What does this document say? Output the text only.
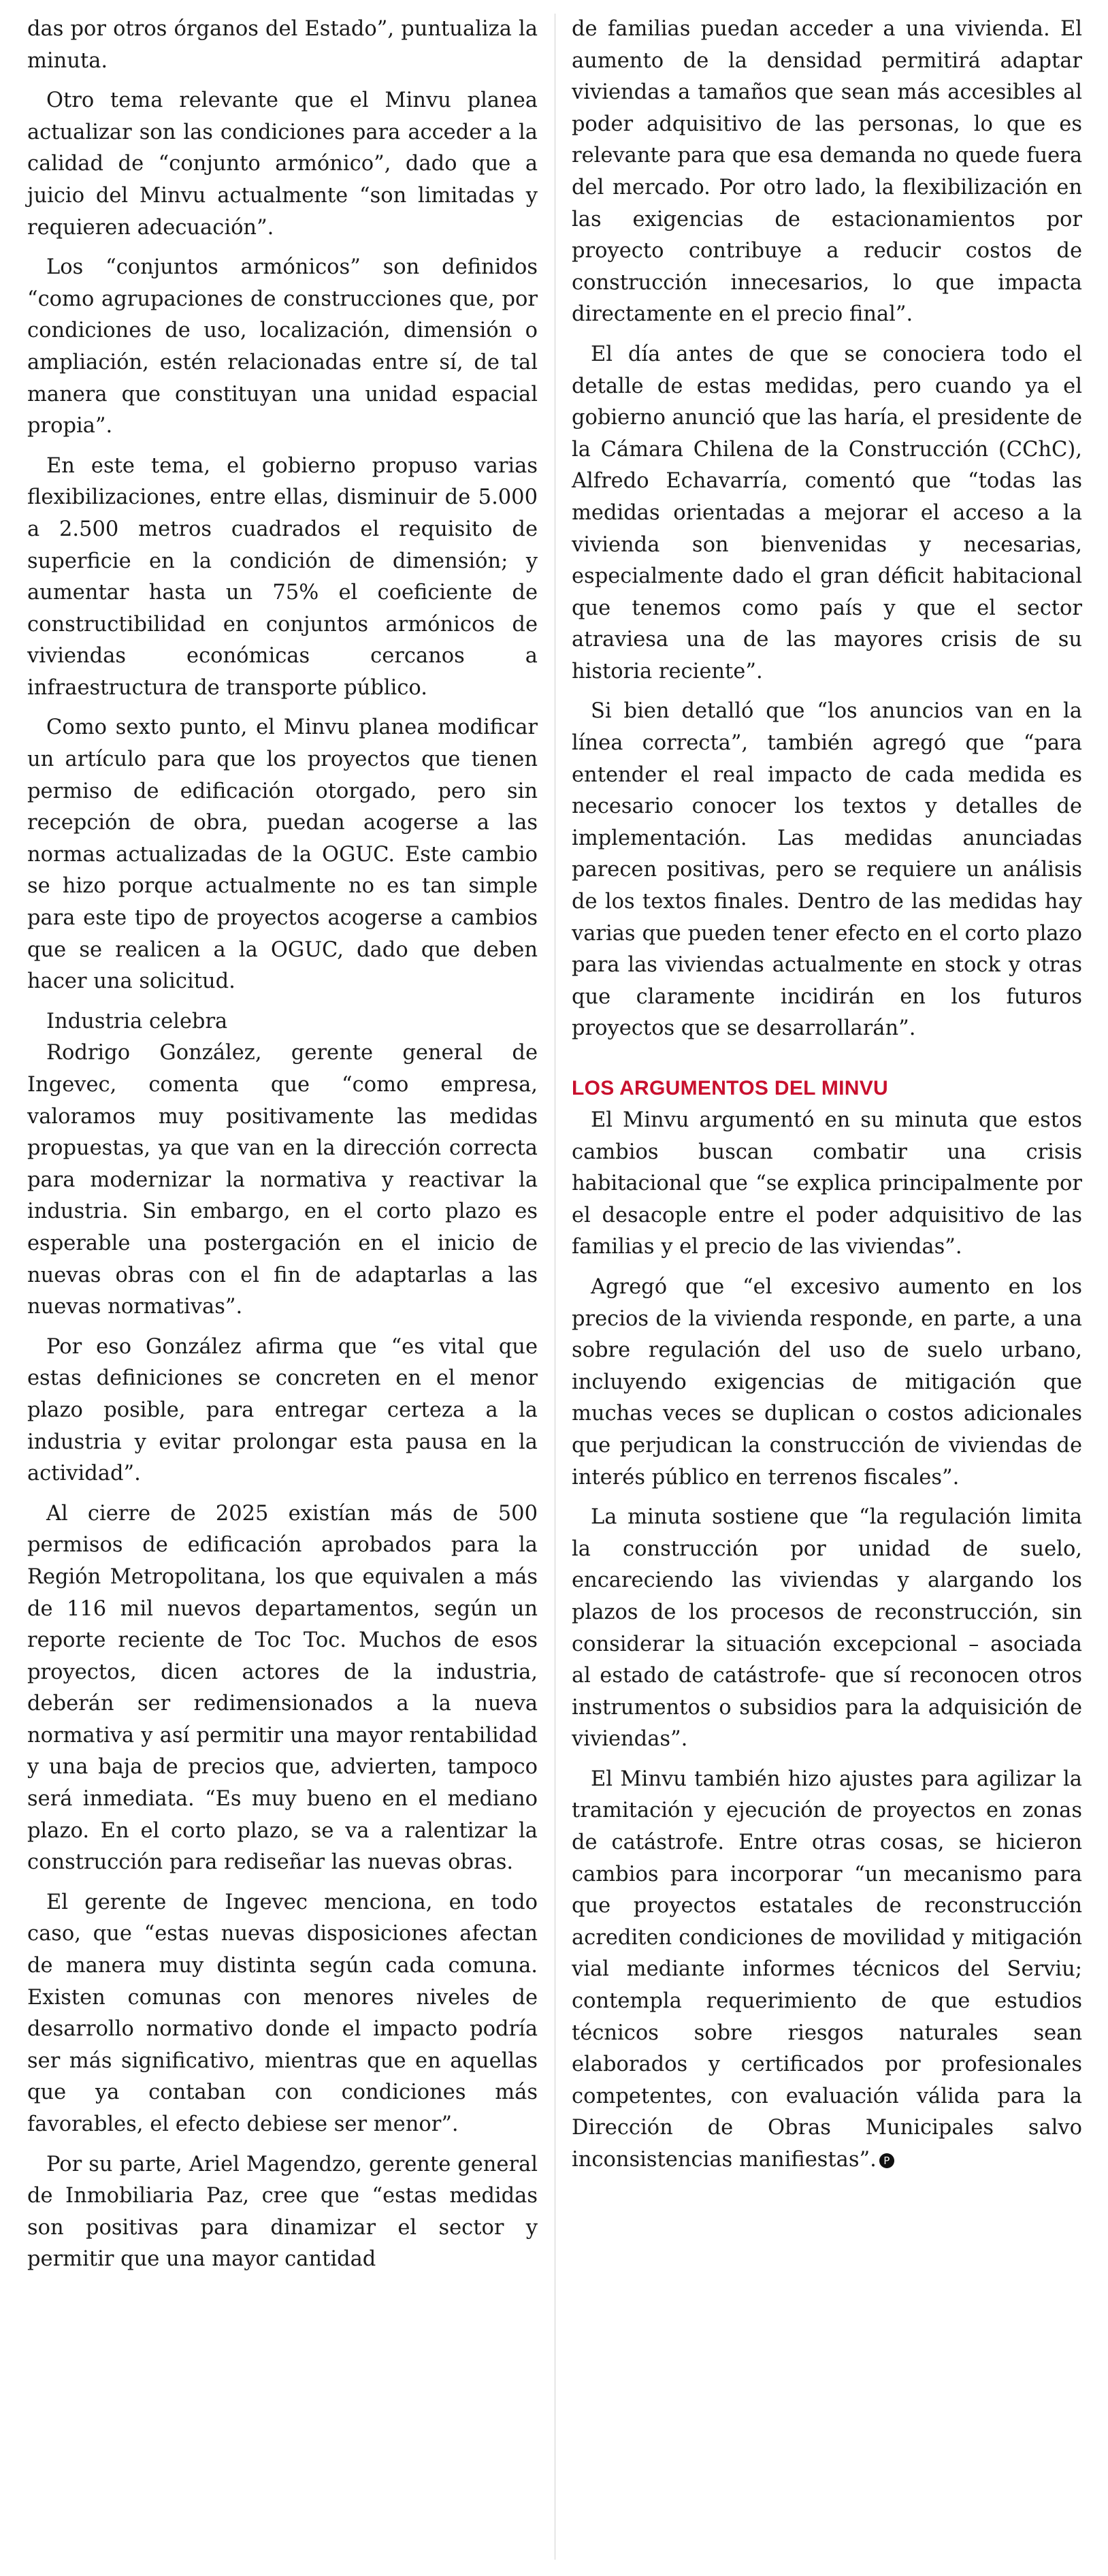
das por otros órganos del Estado”, puntualiza la minuta.

Otro tema relevante que el Minvu planea actualizar son las condiciones para acceder a la calidad de “conjunto armónico”, dado que a juicio del Minvu actualmente “son limitadas y requieren adecuación”.

Los “conjuntos armónicos” son definidos “como agrupaciones de construcciones que, por condiciones de uso, localización, dimensión o ampliación, estén relacionadas entre sí, de tal manera que constituyan una unidad espacial propia”.

En este tema, el gobierno propuso varias flexibilizaciones, entre ellas, disminuir de 5.000 a 2.500 metros cuadrados el requisito de superficie en la condición de dimensión; y aumentar hasta un 75% el coeficiente de constructibilidad en conjuntos armónicos de viviendas económicas cercanos a infraestructura de transporte público.

Como sexto punto, el Minvu planea modificar un artículo para que los proyectos que tienen permiso de edificación otorgado, pero sin recepción de obra, puedan acogerse a las normas actualizadas de la OGUC. Este cambio se hizo porque actualmente no es tan simple para este tipo de proyectos acogerse a cambios que se realicen a la OGUC, dado que deben hacer una solicitud.

Industria celebra

Rodrigo González, gerente general de Ingevec, comenta que “como empresa, valoramos muy positivamente las medidas propuestas, ya que van en la dirección correcta para modernizar la normativa y reactivar la industria. Sin embargo, en el corto plazo es esperable una postergación en el inicio de nuevas obras con el fin de adaptarlas a las nuevas normativas”.

Por eso González afirma que “es vital que estas definiciones se concreten en el menor plazo posible, para entregar certeza a la industria y evitar prolongar esta pausa en la actividad”.

Al cierre de 2025 existían más de 500 permisos de edificación aprobados para la Región Metropolitana, los que equivalen a más de 116 mil nuevos departamentos, según un reporte reciente de Toc Toc. Muchos de esos proyectos, dicen actores de la industria, deberán ser redimensionados a la nueva normativa y así permitir una mayor rentabilidad y una baja de precios que, advierten, tampoco será inmediata. “Es muy bueno en el mediano plazo. En el corto plazo, se va a ralentizar la construcción para rediseñar las nuevas obras.

El gerente de Ingevec menciona, en todo caso, que “estas nuevas disposiciones afectan de manera muy distinta según cada comuna. Existen comunas con menores niveles de desarrollo normativo donde el impacto podría ser más significativo, mientras que en aquellas que ya contaban con condiciones más favorables, el efecto debiese ser menor”.

Por su parte, Ariel Magendzo, gerente general de Inmobiliaria Paz, cree que “estas medidas son positivas para dinamizar el sector y permitir que una mayor cantidad

de familias puedan acceder a una vivienda. El aumento de la densidad permitirá adaptar viviendas a tamaños que sean más accesibles al poder adquisitivo de las personas, lo que es relevante para que esa demanda no quede fuera del mercado. Por otro lado, la flexibilización en las exigencias de estacionamientos por proyecto contribuye a reducir costos de construcción innecesarios, lo que impacta directamente en el precio final”.

El día antes de que se conociera todo el detalle de estas medidas, pero cuando ya el gobierno anunció que las haría, el presidente de la Cámara Chilena de la Construcción (CChC), Alfredo Echavarría, comentó que “todas las medidas orientadas a mejorar el acceso a la vivienda son bienvenidas y necesarias, especialmente dado el gran déficit habitacional que tenemos como país y que el sector atraviesa una de las mayores crisis de su historia reciente”.

Si bien detalló que “los anuncios van en la línea correcta”, también agregó que “para entender el real impacto de cada medida es necesario conocer los textos y detalles de implementación. Las medidas anunciadas parecen positivas, pero se requiere un análisis de los textos finales. Dentro de las medidas hay varias que pueden tener efecto en el corto plazo para las viviendas actualmente en stock y otras que claramente incidirán en los futuros proyectos que se desarrollarán”.

LOS ARGUMENTOS DEL MINVU

El Minvu argumentó en su minuta que estos cambios buscan combatir una crisis habitacional que “se explica principalmente por el desacople entre el poder adquisitivo de las familias y el precio de las viviendas”.

Agregó que “el excesivo aumento en los precios de la vivienda responde, en parte, a una sobre regulación del uso de suelo urbano, incluyendo exigencias de mitigación que muchas veces se duplican o costos adicionales que perjudican la construcción de viviendas de interés público en terrenos fiscales”.

La minuta sostiene que “la regulación limita la construcción por unidad de suelo, encareciendo las viviendas y alargando los plazos de los procesos de reconstrucción, sin considerar la situación excepcional – asociada al estado de catástrofe- que sí reconocen otros instrumentos o subsidios para la adquisición de viviendas”.

El Minvu también hizo ajustes para agilizar la tramitación y ejecución de proyectos en zonas de catástrofe. Entre otras cosas, se hicieron cambios para incorporar “un mecanismo para que proyectos estatales de reconstrucción acrediten condiciones de movilidad y mitigación vial mediante informes técnicos del Serviu; contempla requerimiento de que estudios técnicos sobre riesgos naturales sean elaborados y certificados por profesionales competentes, con evaluación válida para la Dirección de Obras Municipales salvo inconsistencias manifiestas”. P
